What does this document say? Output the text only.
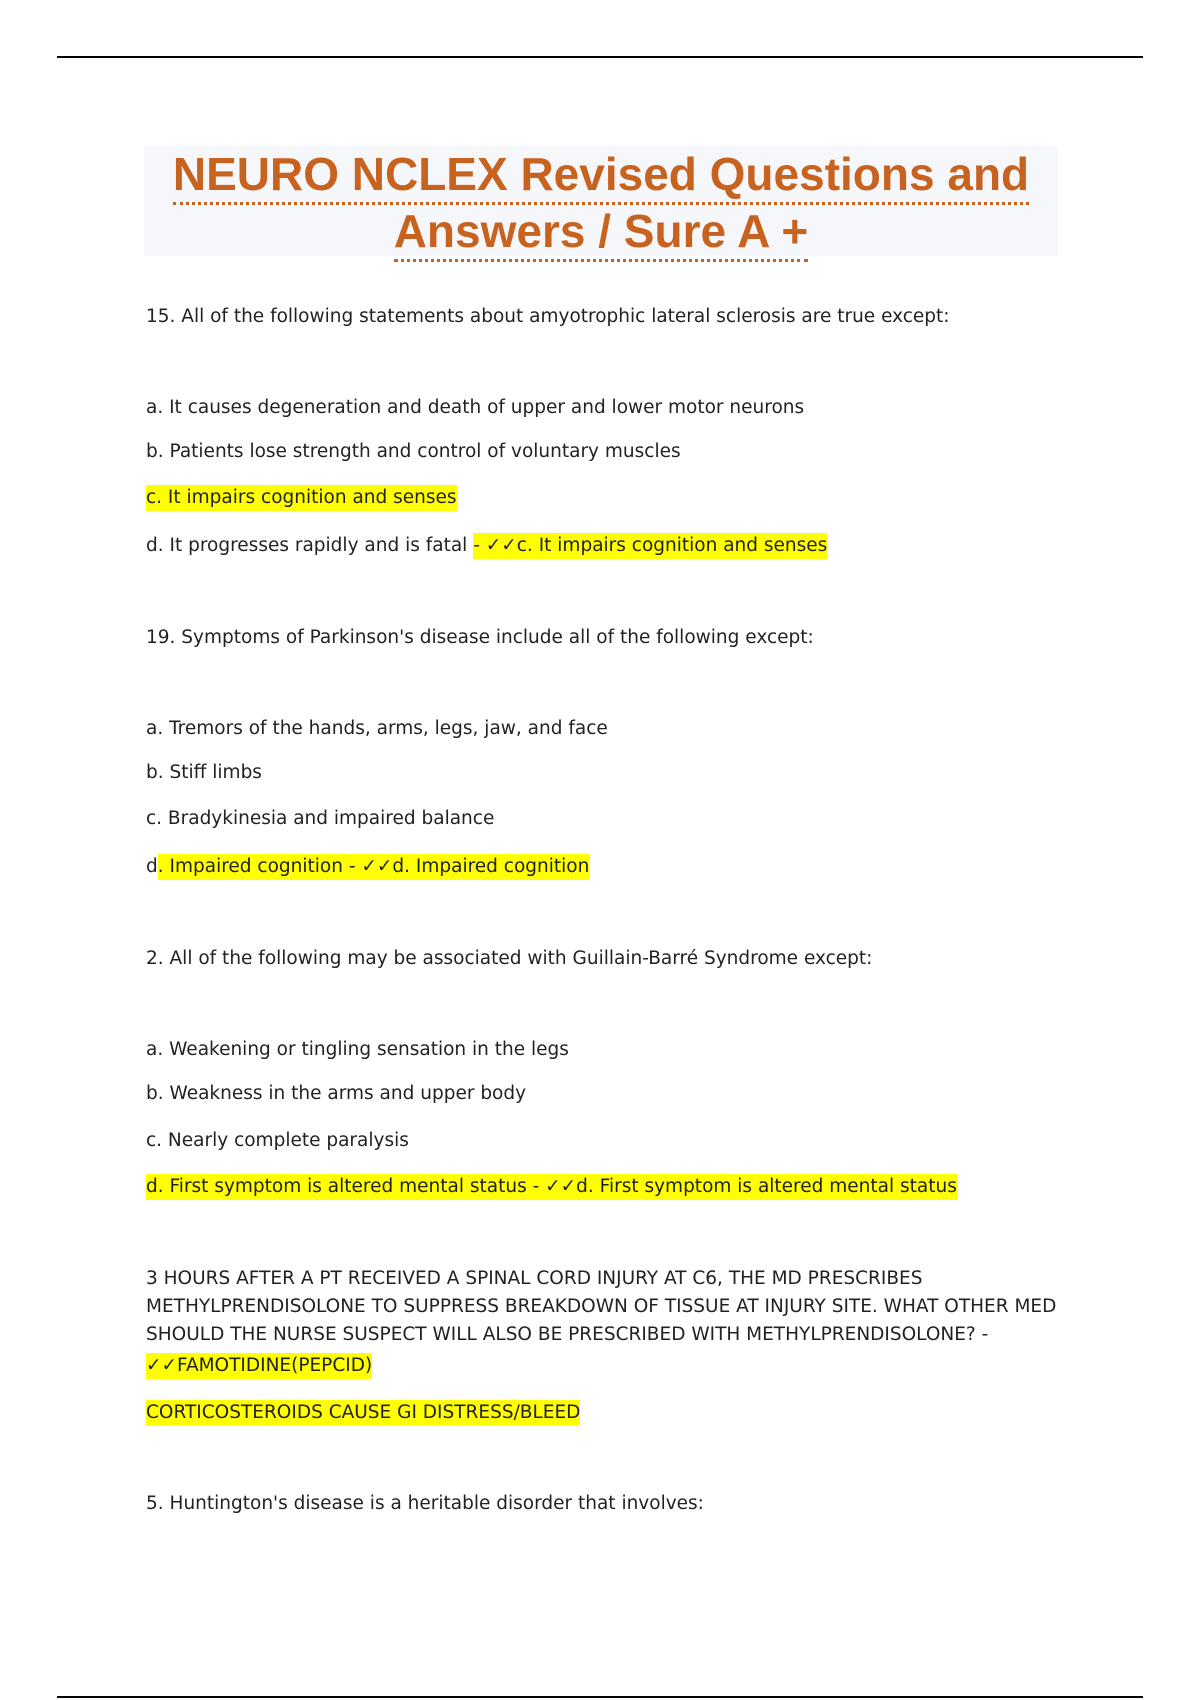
NEURO NCLEX Revised Questions and
Answers / Sure A +
15. All of the following statements about amyotrophic lateral sclerosis are true except:
a. It causes degeneration and death of upper and lower motor neurons
b. Patients lose strength and control of voluntary muscles
c. It impairs cognition and senses
d. It progresses rapidly and is fatal - ✓✓c. It impairs cognition and senses
19. Symptoms of Parkinson's disease include all of the following except:
a. Tremors of the hands, arms, legs, jaw, and face
b. Stiff limbs
c. Bradykinesia and impaired balance
d. Impaired cognition - ✓✓d. Impaired cognition
2. All of the following may be associated with Guillain-Barré Syndrome except:
a. Weakening or tingling sensation in the legs
b. Weakness in the arms and upper body
c. Nearly complete paralysis
d. First symptom is altered mental status - ✓✓d. First symptom is altered mental status
3 HOURS AFTER A PT RECEIVED A SPINAL CORD INJURY AT C6, THE MD PRESCRIBES
METHYLPRENDISOLONE TO SUPPRESS BREAKDOWN OF TISSUE AT INJURY SITE. WHAT OTHER MED
SHOULD THE NURSE SUSPECT WILL ALSO BE PRESCRIBED WITH METHYLPRENDISOLONE? -
✓✓FAMOTIDINE(PEPCID)
CORTICOSTEROIDS CAUSE GI DISTRESS/BLEED
5. Huntington's disease is a heritable disorder that involves:
